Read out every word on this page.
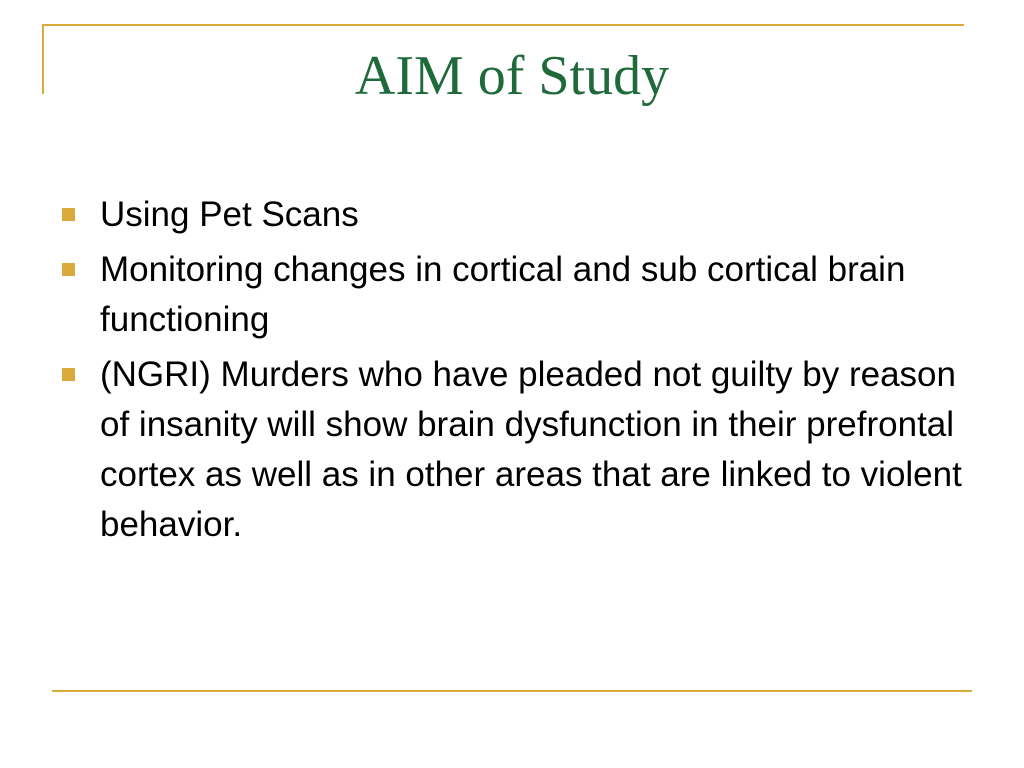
AIM of Study
Using Pet Scans
Monitoring changes in cortical and sub cortical brain functioning
(NGRI) Murders who have pleaded not guilty by reason of insanity will show brain dysfunction in their prefrontal cortex as well as in other areas that are linked to violent behavior.
